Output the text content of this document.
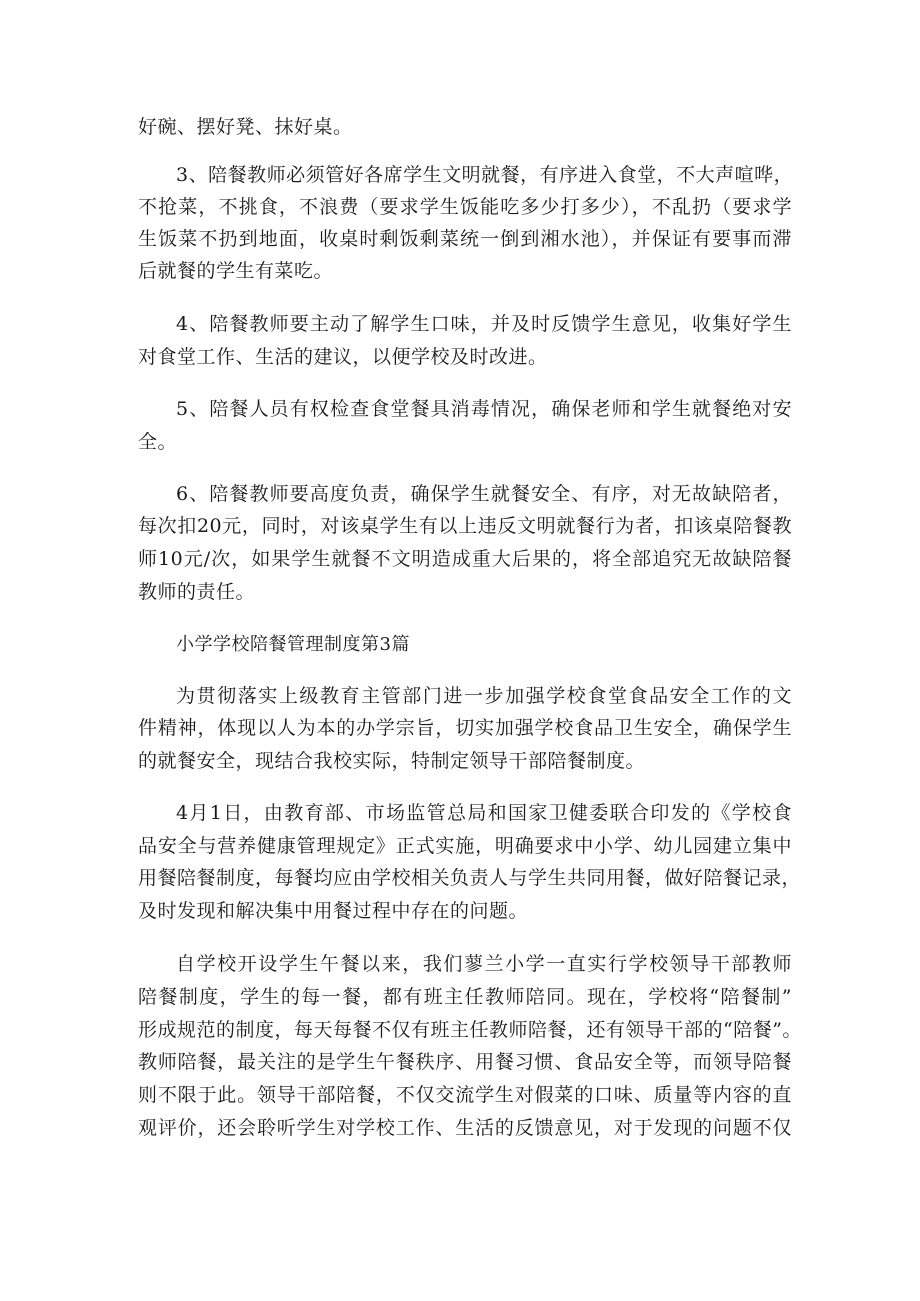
好碗、摆好凳、抹好桌。
3、陪餐教师必须管好各席学生文明就餐，有序进入食堂，不大声喧哗，
不抢菜，不挑食，不浪费（要求学生饭能吃多少打多少），不乱扔（要求学
生饭菜不扔到地面，收桌时剩饭剩菜统一倒到湘水池），并保证有要事而滞
后就餐的学生有菜吃。
4、陪餐教师要主动了解学生口味，并及时反馈学生意见，收集好学生
对食堂工作、生活的建议，以便学校及时改进。
5、陪餐人员有权检查食堂餐具消毒情况，确保老师和学生就餐绝对安
全。
6、陪餐教师要高度负责，确保学生就餐安全、有序，对无故缺陪者，
每次扣20元，同时，对该桌学生有以上违反文明就餐行为者，扣该桌陪餐教
师10元/次，如果学生就餐不文明造成重大后果的，将全部追究无故缺陪餐
教师的责任。
小学学校陪餐管理制度第3篇
为贯彻落实上级教育主管部门进一步加强学校食堂食品安全工作的文
件精神，体现以人为本的办学宗旨，切实加强学校食品卫生安全，确保学生
的就餐安全，现结合我校实际，特制定领导干部陪餐制度。
4月1日，由教育部、市场监管总局和国家卫健委联合印发的《学校食
品安全与营养健康管理规定》正式实施，明确要求中小学、幼儿园建立集中
用餐陪餐制度，每餐均应由学校相关负责人与学生共同用餐，做好陪餐记录，
及时发现和解决集中用餐过程中存在的问题。
自学校开设学生午餐以来，我们蓼兰小学一直实行学校领导干部教师
陪餐制度，学生的每一餐，都有班主任教师陪同。现在，学校将“陪餐制”
形成规范的制度，每天每餐不仅有班主任教师陪餐，还有领导干部的“陪餐”。
教师陪餐，最关注的是学生午餐秩序、用餐习惯、食品安全等，而领导陪餐
则不限于此。领导干部陪餐，不仅交流学生对假菜的口味、质量等内容的直
观评价，还会聆听学生对学校工作、生活的反馈意见，对于发现的问题不仅
